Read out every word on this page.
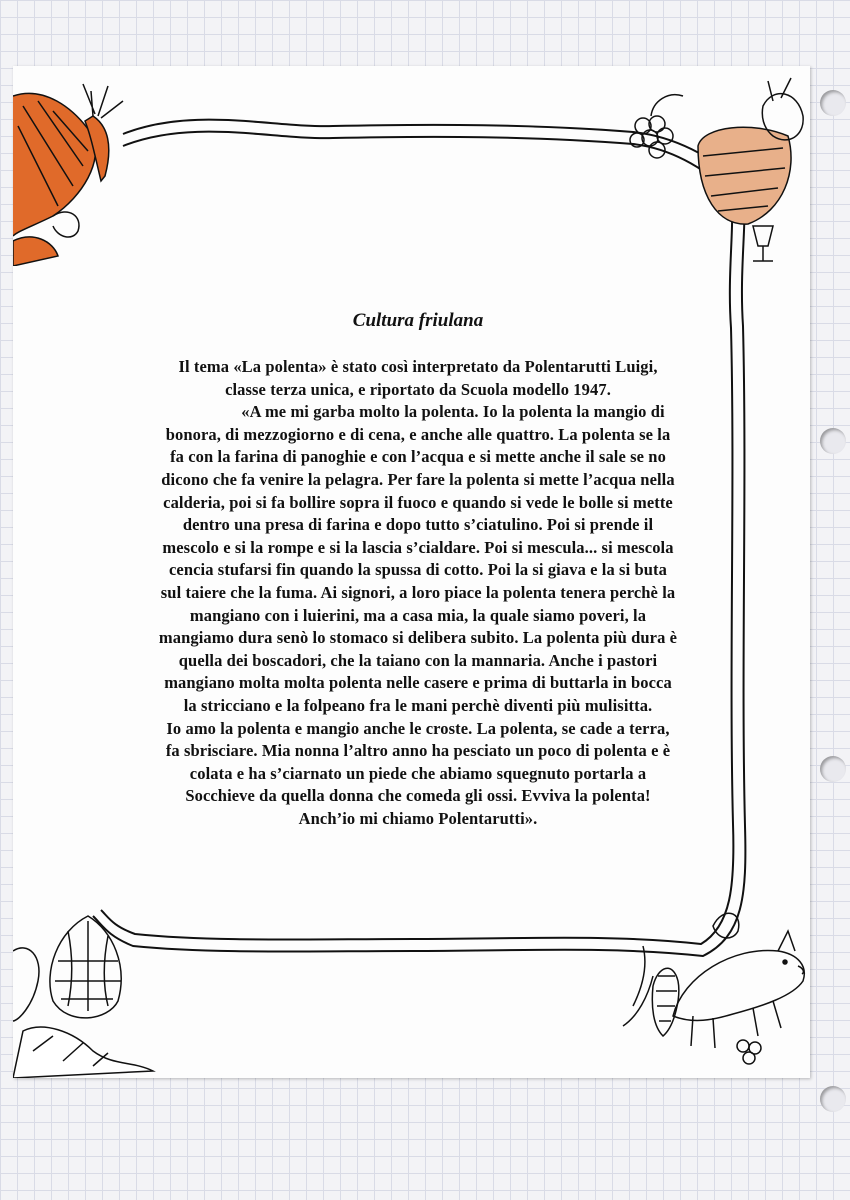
Cultura friulana
Il tema «La polenta» è stato così interpretato da Polentarutti Luigi,
classe terza unica, e riportato da Scuola modello 1947.
«A me mi garba molto la polenta. Io la polenta la mangio di
bonora, di mezzogiorno e di cena, e anche alle quattro. La polenta se la
fa con la farina di panoghie e con l’acqua e si mette anche il sale se no
dicono che fa venire la pelagra. Per fare la polenta si mette l’acqua nella
calderia, poi si fa bollire sopra il fuoco e quando si vede le bolle si mette
dentro una presa di farina e dopo tutto s’ciatulino. Poi si prende il
mescolo e si la rompe e si la lascia s’cialdare. Poi si mescula... si mescola
cencia stufarsi fin quando la spussa di cotto. Poi la si giava e la si buta
sul taiere che la fuma. Ai signori, a loro piace la polenta tenera perchè la
mangiano con i luierini, ma a casa mia, la quale siamo poveri, la
mangiamo dura senò lo stomaco si delibera subito. La polenta più dura è
quella dei boscadori, che la taiano con la mannaria. Anche i pastori
mangiano molta molta polenta nelle casere e prima di buttarla in bocca
la stricciano e la folpeano fra le mani perchè diventi più mulisitta.
Io amo la polenta e mangio anche le croste. La polenta, se cade a terra,
fa sbrisciare. Mia nonna l’altro anno ha pesciato un poco di polenta e è
colata e ha s’ciarnato un piede che abiamo squegnuto portarla a
Socchieve da quella donna che comeda gli ossi. Evviva la polenta!
Anch’io mi chiamo Polentarutti».
